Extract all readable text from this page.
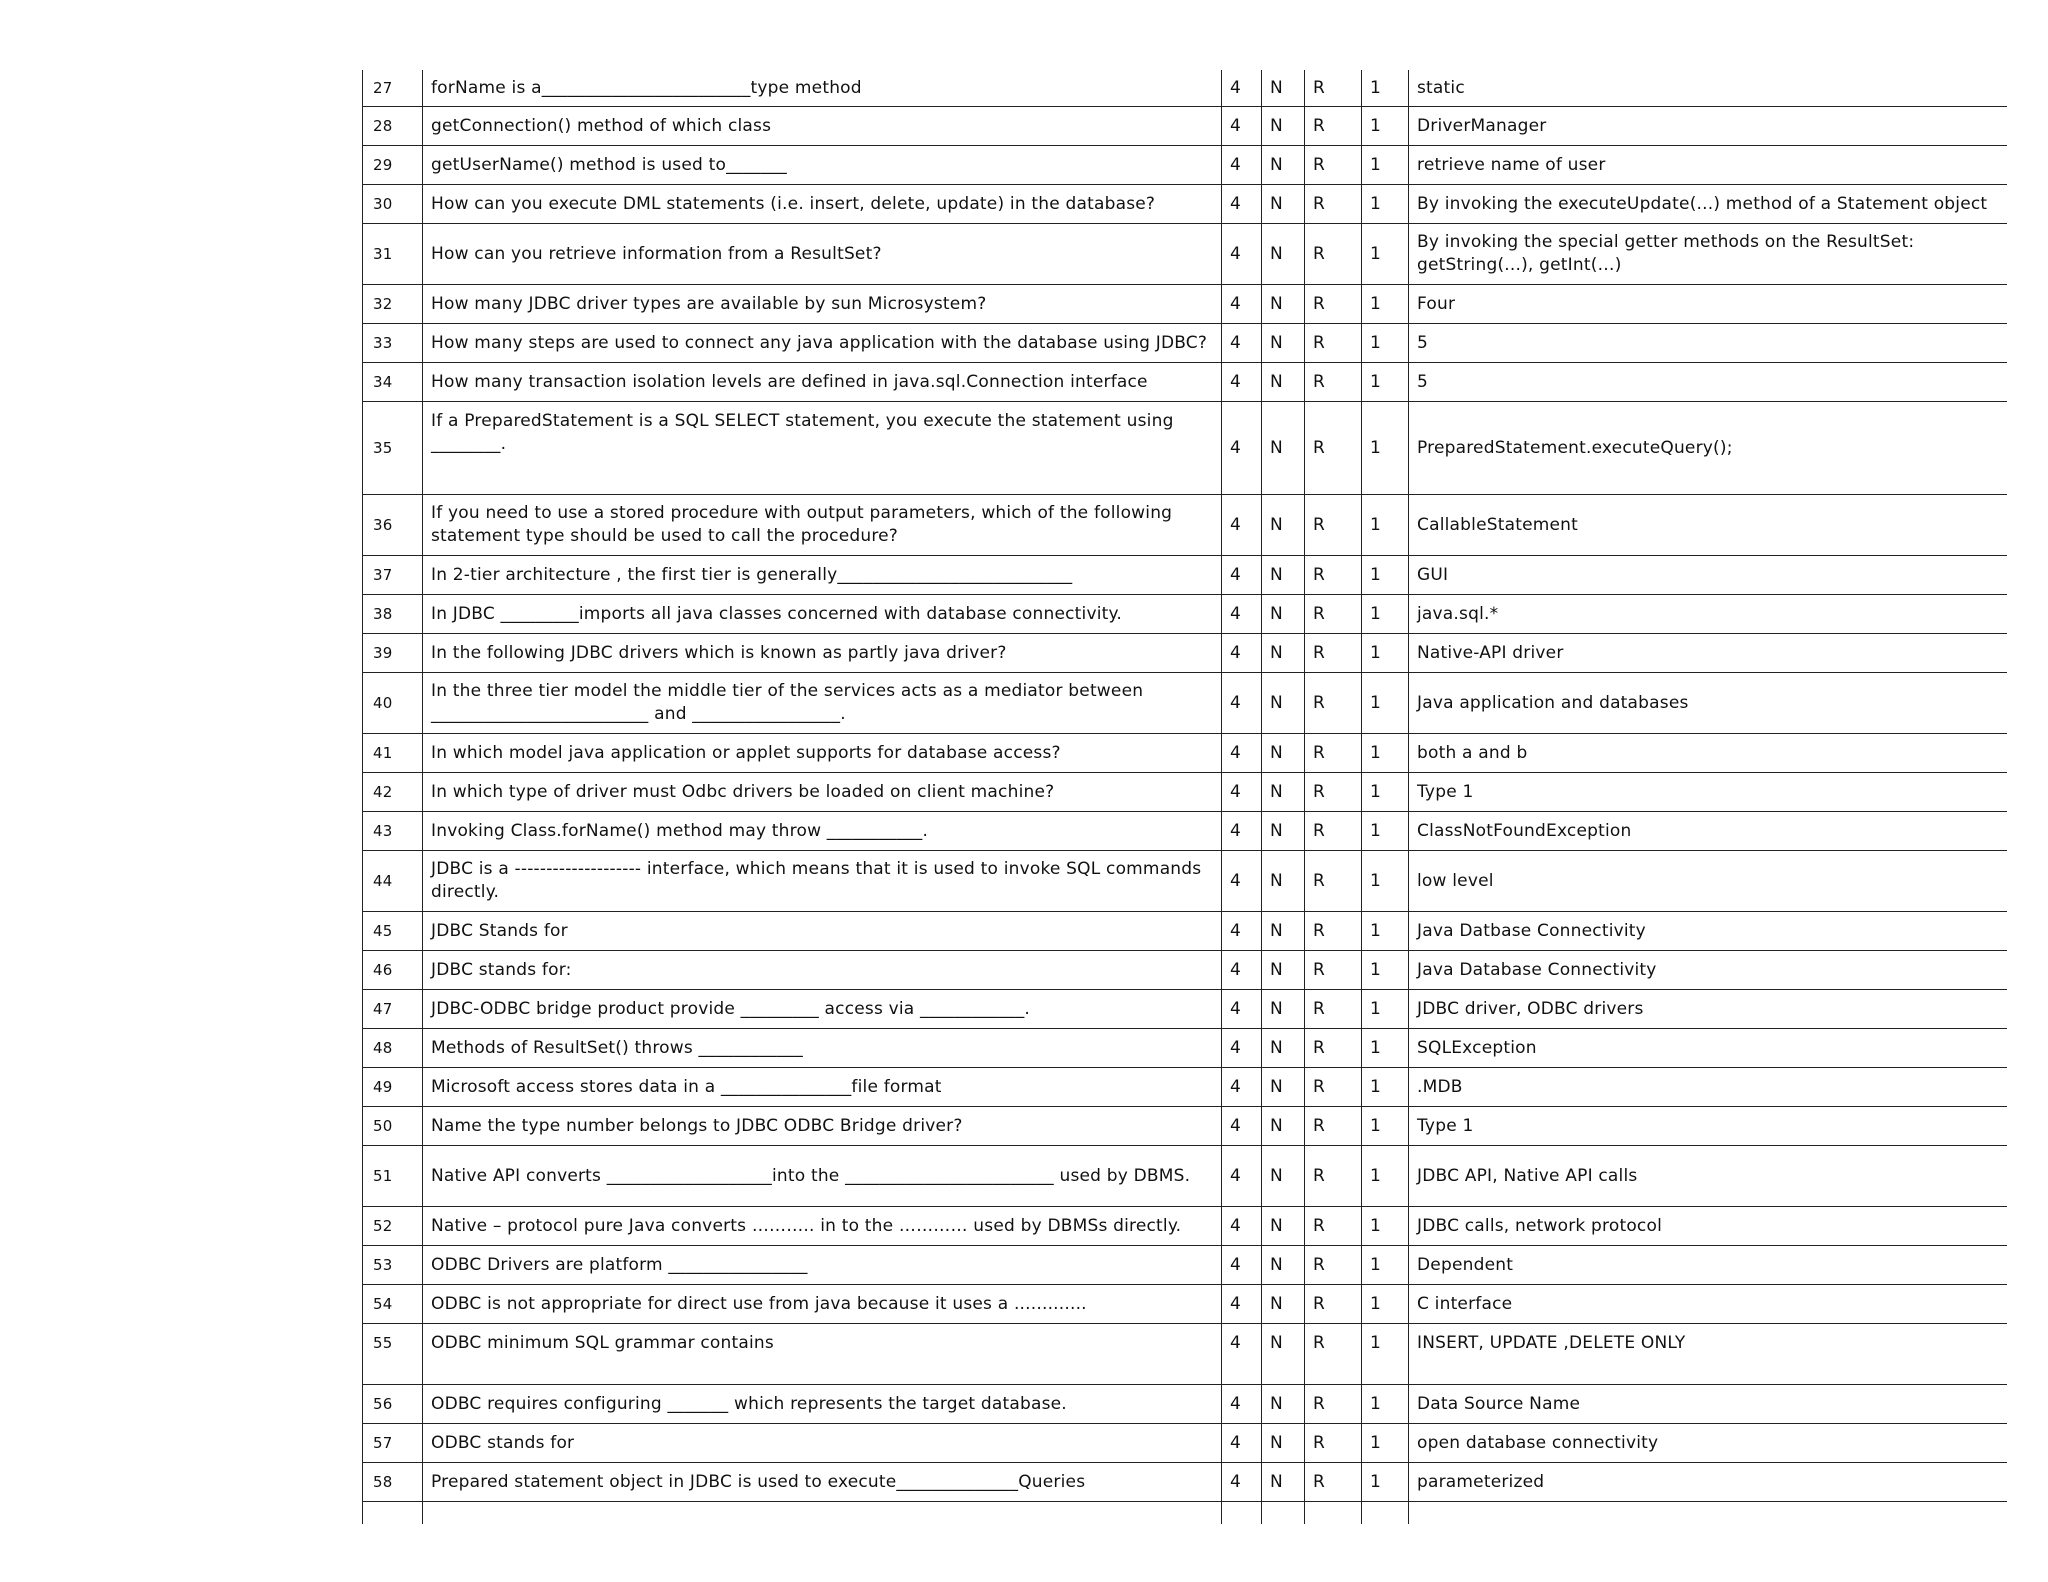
27	forName is a________________________type method	4	N	R	1	static
28	getConnection() method of which class	4	N	R	1	DriverManager
29	getUserName() method is used to_______	4	N	R	1	retrieve name of user
30	How can you execute DML statements (i.e. insert, delete, update) in the database?	4	N	R	1	By invoking the executeUpdate(...) method of a Statement object
31	How can you retrieve information from a ResultSet?	4	N	R	1	By invoking the special getter methods on the ResultSet: getString(...), getInt(…)
32	How many JDBC driver types are available by sun Microsystem?	4	N	R	1	Four
33	How many steps are used to connect any java application with the database using JDBC?	4	N	R	1	5
34	How many transaction isolation levels are defined in java.sql.Connection interface	4	N	R	1	5
35	If a PreparedStatement is a SQL SELECT statement, you execute the statement using ________.	4	N	R	1	PreparedStatement.executeQuery();
36	If you need to use a stored procedure with output parameters, which of the following statement type should be used to call the procedure?	4	N	R	1	CallableStatement
37	In 2-tier architecture , the first tier is generally___________________________	4	N	R	1	GUI
38	In JDBC _________imports all java classes concerned with database connectivity.	4	N	R	1	java.sql.*
39	In the following JDBC drivers which is known as partly java driver?	4	N	R	1	Native-API driver
40	In the three tier model the middle tier of the services acts as a mediator between _________________________ and _________________.	4	N	R	1	Java application and databases
41	In which model java application or applet supports for database access?	4	N	R	1	both a and b
42	In which type of driver must Odbc drivers be loaded on client machine?	4	N	R	1	Type 1
43	Invoking Class.forName() method may throw ___________.	4	N	R	1	ClassNotFoundException
44	JDBC is a -------------------- interface, which means that it is used to invoke SQL commands directly.	4	N	R	1	low level
45	JDBC Stands for	4	N	R	1	Java Datbase Connectivity
46	JDBC stands for:	4	N	R	1	Java Database Connectivity
47	JDBC-ODBC bridge product provide _________ access via ____________.	4	N	R	1	JDBC driver, ODBC drivers
48	Methods of ResultSet() throws ____________	4	N	R	1	SQLException
49	Microsoft access stores data in a _______________file format	4	N	R	1	.MDB
50	Name the type number belongs to JDBC ODBC Bridge driver?	4	N	R	1	Type 1
51	Native API converts ___________________into the ________________________ used by DBMS.	4	N	R	1	JDBC API, Native API calls
52	Native – protocol pure Java converts ……….. in to the ………… used by DBMSs directly.	4	N	R	1	JDBC calls, network protocol
53	ODBC Drivers are platform ________________	4	N	R	1	Dependent
54	ODBC is not appropriate for direct use from java because it uses a .............	4	N	R	1	C interface
55	ODBC minimum SQL grammar contains	4	N	R	1	INSERT, UPDATE ,DELETE ONLY
56	ODBC requires configuring _______ which represents the target database.	4	N	R	1	Data Source Name
57	ODBC stands for	4	N	R	1	open database connectivity
58	Prepared statement object in JDBC is used to execute______________Queries	4	N	R	1	parameterized
